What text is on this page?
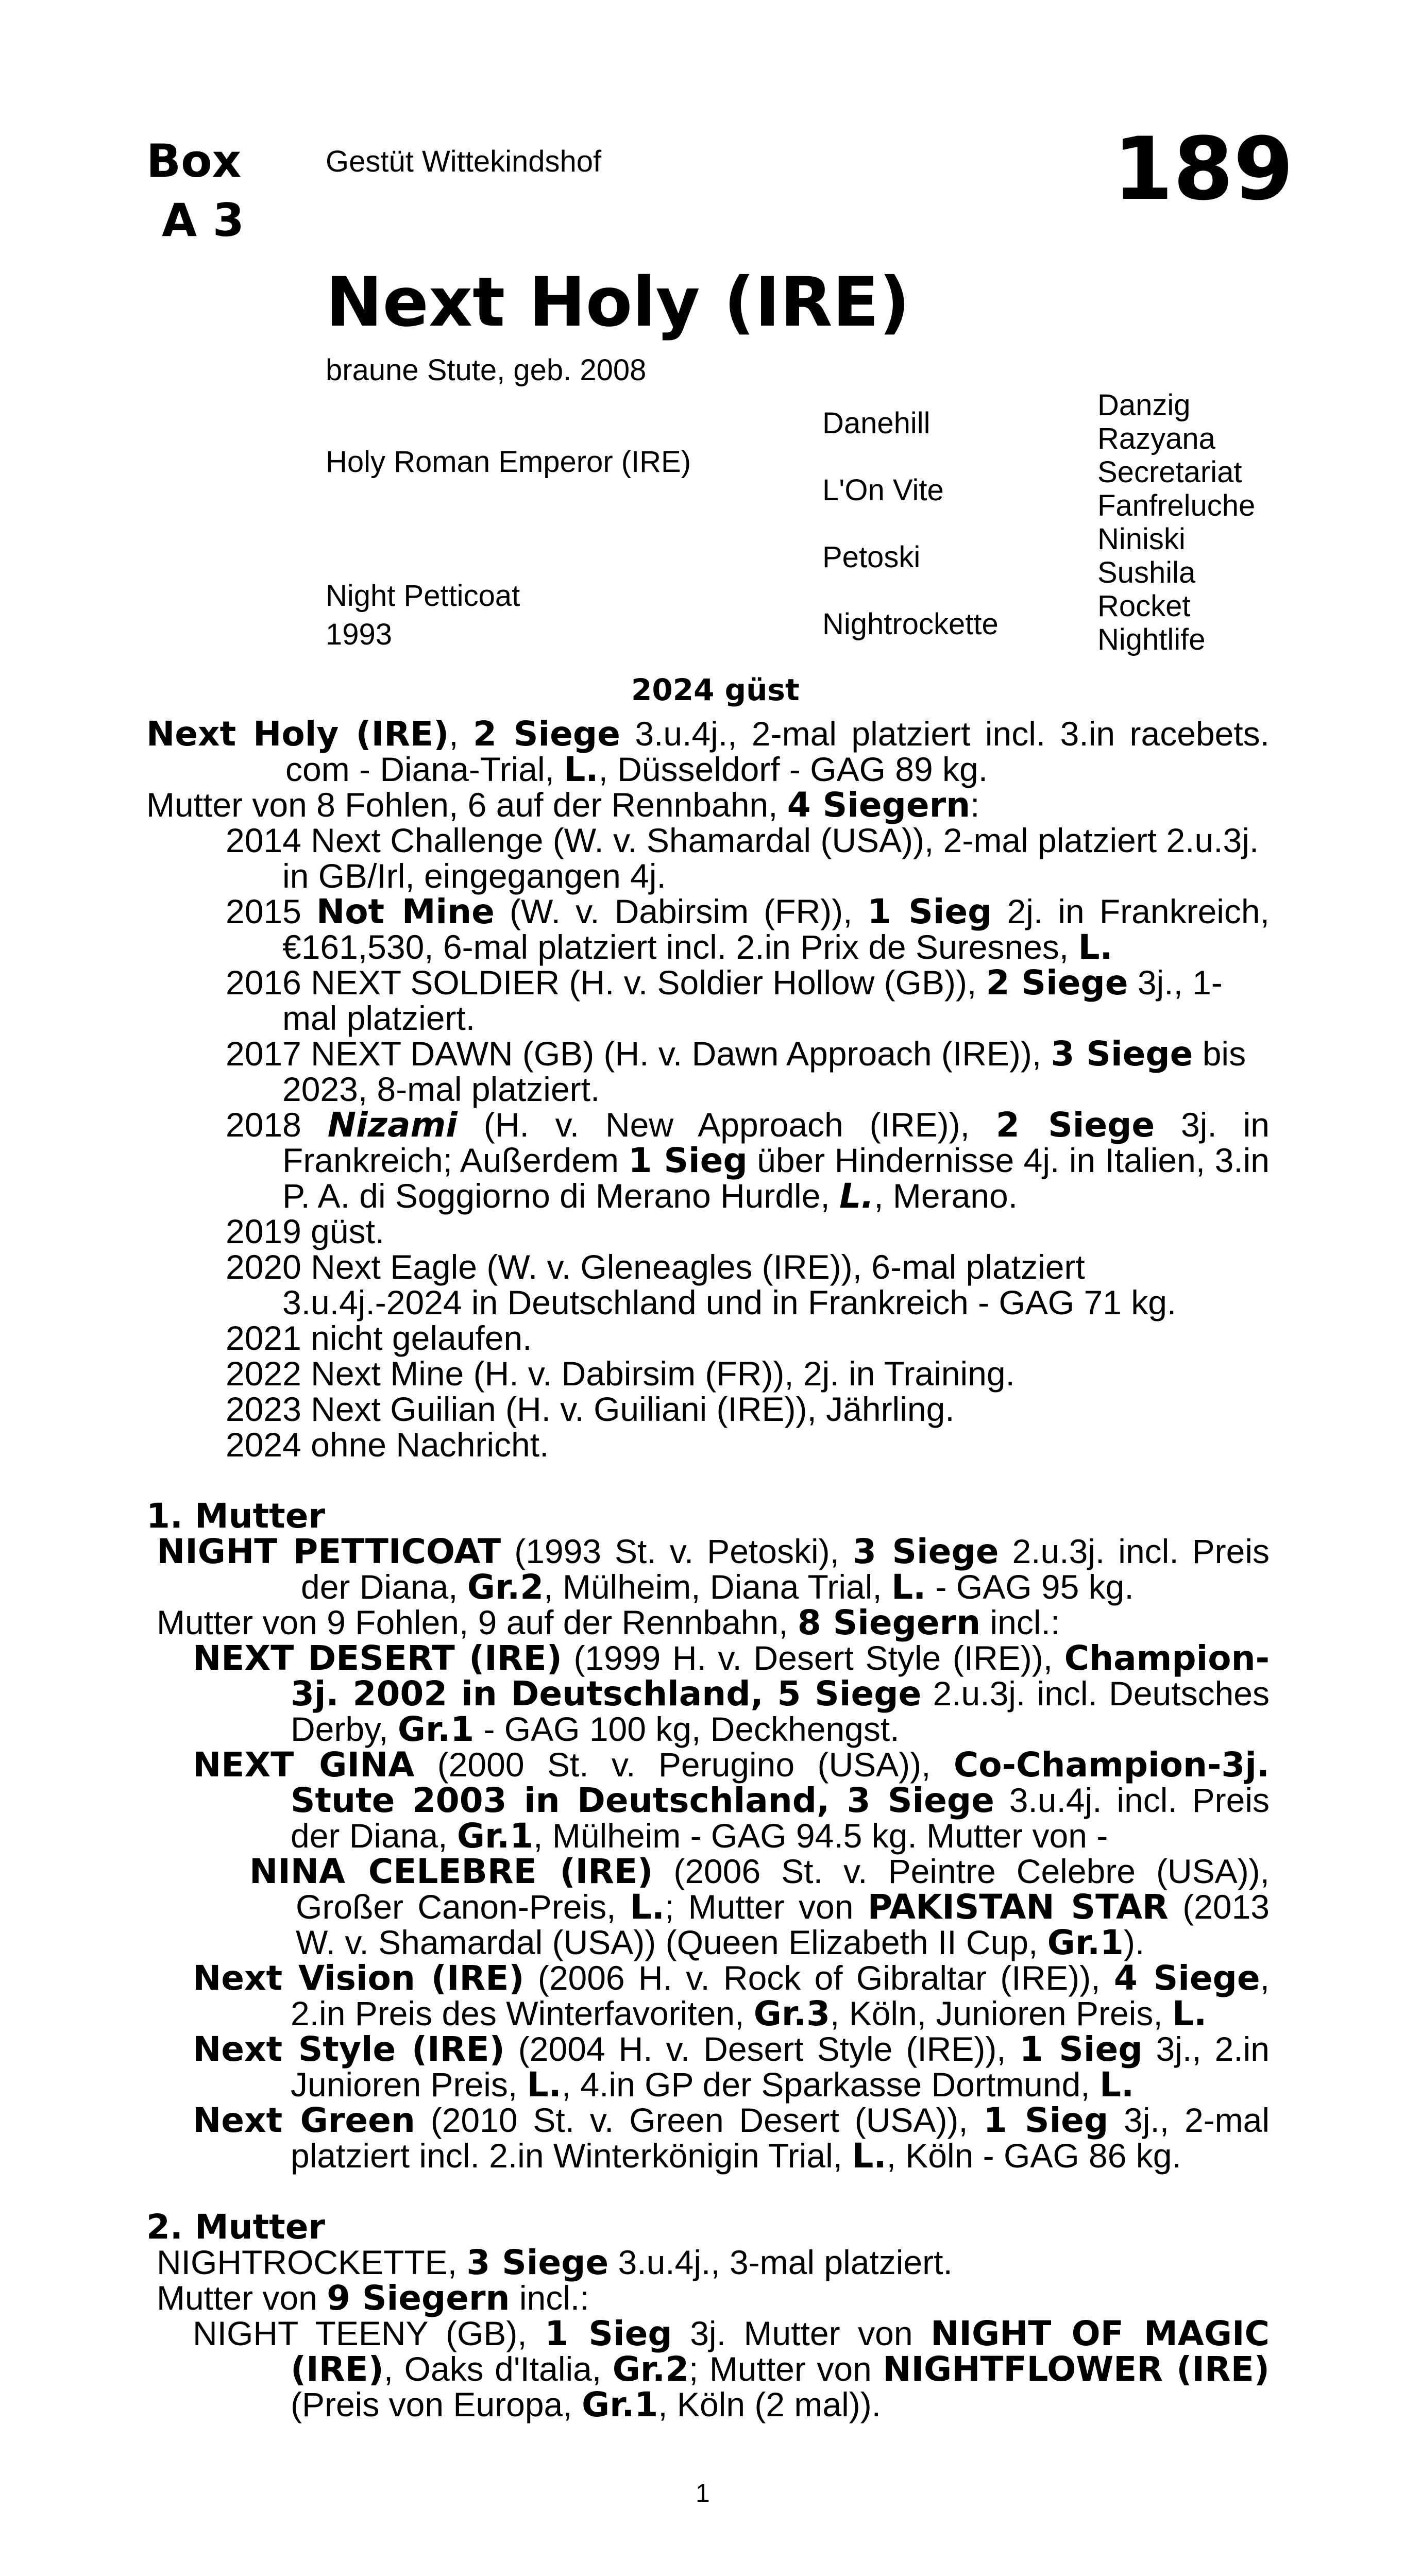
Box
A 3
Gestüt Wittekindshof	189
Next Holy (IRE)
braune Stute, geb. 2008
Holy Roman Emperor (IRE)
Night Petticoat
1993
Danehill
L'On Vite
Petoski
Nightrockette
Danzig
Razyana
Secretariat
Fanfreluche
Niniski
Sushila
Rocket
Nightlife
2024 güst

Next Holy (IRE), 2 Siege 3.u.4j., 2-mal platziert incl. 3.in racebets. com - Diana-Trial, L., Düsseldorf - GAG 89 kg.

Mutter von 8 Fohlen, 6 auf der Rennbahn, 4 Siegern:

2014 Next Challenge (W. v. Shamardal (USA)), 2-mal platziert 2.u.3j. in GB/Irl, eingegangen 4j.

2015 Not Mine (W. v. Dabirsim (FR)), 1 Sieg 2j. in Frankreich, €161,530, 6-mal platziert incl. 2.in Prix de Suresnes, L.

2016 NEXT SOLDIER (H. v. Soldier Hollow (GB)), 2 Siege 3j., 1-mal platziert.

2017 NEXT DAWN (GB) (H. v. Dawn Approach (IRE)), 3 Siege bis 2023, 8-mal platziert.

2018 Nizami (H. v. New Approach (IRE)), 2 Siege 3j. in Frankreich; Außerdem 1 Sieg über Hindernisse 4j. in Italien, 3.in P. A. di Soggiorno di Merano Hurdle, L., Merano.

2019 güst.

2020 Next Eagle (W. v. Gleneagles (IRE)), 6-mal platziert 3.u.4j.-2024 in Deutschland und in Frankreich - GAG 71 kg.

2021 nicht gelaufen.

2022 Next Mine (H. v. Dabirsim (FR)), 2j. in Training.

2023 Next Guilian (H. v. Guiliani (IRE)), Jährling.

2024 ohne Nachricht.

1. Mutter

NIGHT PETTICOAT (1993 St. v. Petoski), 3 Siege 2.u.3j. incl. Preis der Diana, Gr.2, Mülheim, Diana Trial, L. - GAG 95 kg.

Mutter von 9 Fohlen, 9 auf der Rennbahn, 8 Siegern incl.:

NEXT DESERT (IRE) (1999 H. v. Desert Style (IRE)), Champion-3j. 2002 in Deutschland, 5 Siege 2.u.3j. incl. Deutsches Derby, Gr.1 - GAG 100 kg, Deckhengst.

NEXT GINA (2000 St. v. Perugino (USA)), Co-Champion-3j. Stute 2003 in Deutschland, 3 Siege 3.u.4j. incl. Preis der Diana, Gr.1, Mülheim - GAG 94.5 kg. Mutter von -

NINA CELEBRE (IRE) (2006 St. v. Peintre Celebre (USA)), Großer Canon-Preis, L.; Mutter von PAKISTAN STAR (2013 W. v. Shamardal (USA)) (Queen Elizabeth II Cup, Gr.1).

Next Vision (IRE) (2006 H. v. Rock of Gibraltar (IRE)), 4 Siege, 2.in Preis des Winterfavoriten, Gr.3, Köln, Junioren Preis, L.

Next Style (IRE) (2004 H. v. Desert Style (IRE)), 1 Sieg 3j., 2.in Junioren Preis, L., 4.in GP der Sparkasse Dortmund, L.

Next Green (2010 St. v. Green Desert (USA)), 1 Sieg 3j., 2-mal platziert incl. 2.in Winterkönigin Trial, L., Köln - GAG 86 kg.

2. Mutter

NIGHTROCKETTE, 3 Siege 3.u.4j., 3-mal platziert.

Mutter von 9 Siegern incl.:

NIGHT TEENY (GB), 1 Sieg 3j. Mutter von NIGHT OF MAGIC (IRE), Oaks d'Italia, Gr.2; Mutter von NIGHTFLOWER (IRE) (Preis von Europa, Gr.1, Köln (2 mal)).

1
